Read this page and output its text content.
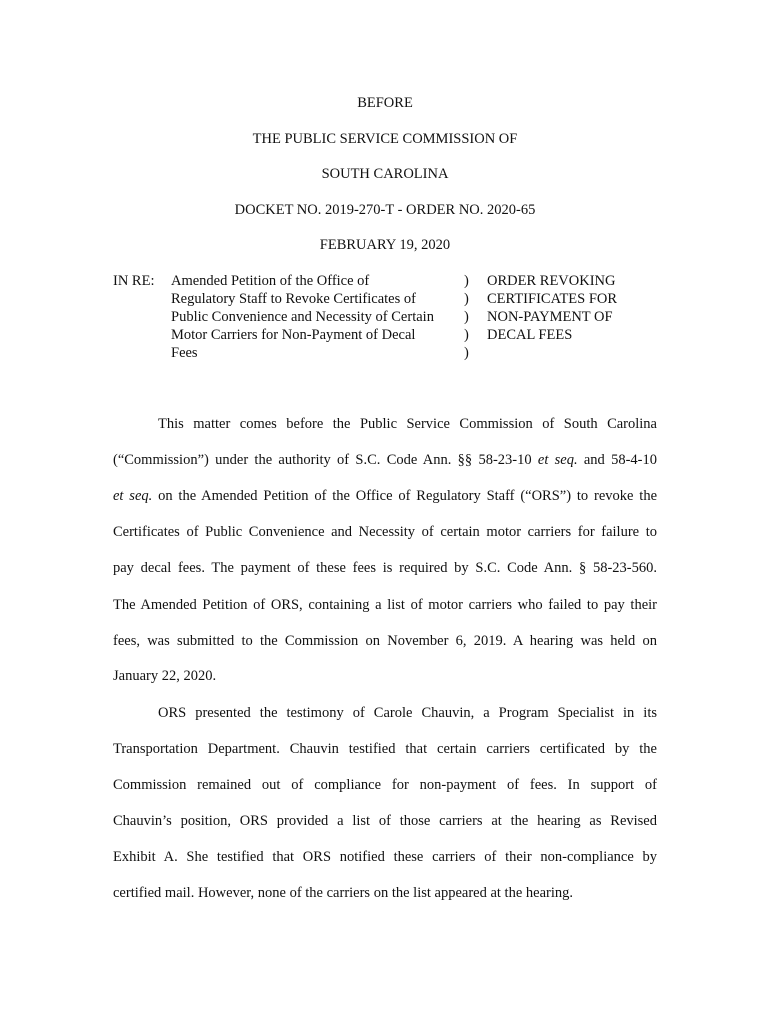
BEFORE
THE PUBLIC SERVICE COMMISSION OF
SOUTH CAROLINA
DOCKET NO. 2019-270-T - ORDER NO. 2020-65
FEBRUARY 19, 2020
IN RE: Amended Petition of the Office of
Regulatory Staff to Revoke Certificates of
Public Convenience and Necessity of Certain
Motor Carriers for Non-Payment of Decal
Fees
)
)
)
)
)
ORDER REVOKING
CERTIFICATES FOR
NON-PAYMENT OF
DECAL FEES
This matter comes before the Public Service Commission of South Carolina
(“Commission”) under the authority of S.C. Code Ann. §§ 58-23-10 et seq. and 58-4-10
et seq. on the Amended Petition of the Office of Regulatory Staff (“ORS”) to revoke the
Certificates of Public Convenience and Necessity of certain motor carriers for failure to
pay decal fees. The payment of these fees is required by S.C. Code Ann. § 58-23-560.
The Amended Petition of ORS, containing a list of motor carriers who failed to pay their
fees, was submitted to the Commission on November 6, 2019. A hearing was held on
January 22, 2020.
ORS presented the testimony of Carole Chauvin, a Program Specialist in its
Transportation Department. Chauvin testified that certain carriers certificated by the
Commission remained out of compliance for non-payment of fees. In support of
Chauvin’s position, ORS provided a list of those carriers at the hearing as Revised
Exhibit A. She testified that ORS notified these carriers of their non-compliance by
certified mail. However, none of the carriers on the list appeared at the hearing.
